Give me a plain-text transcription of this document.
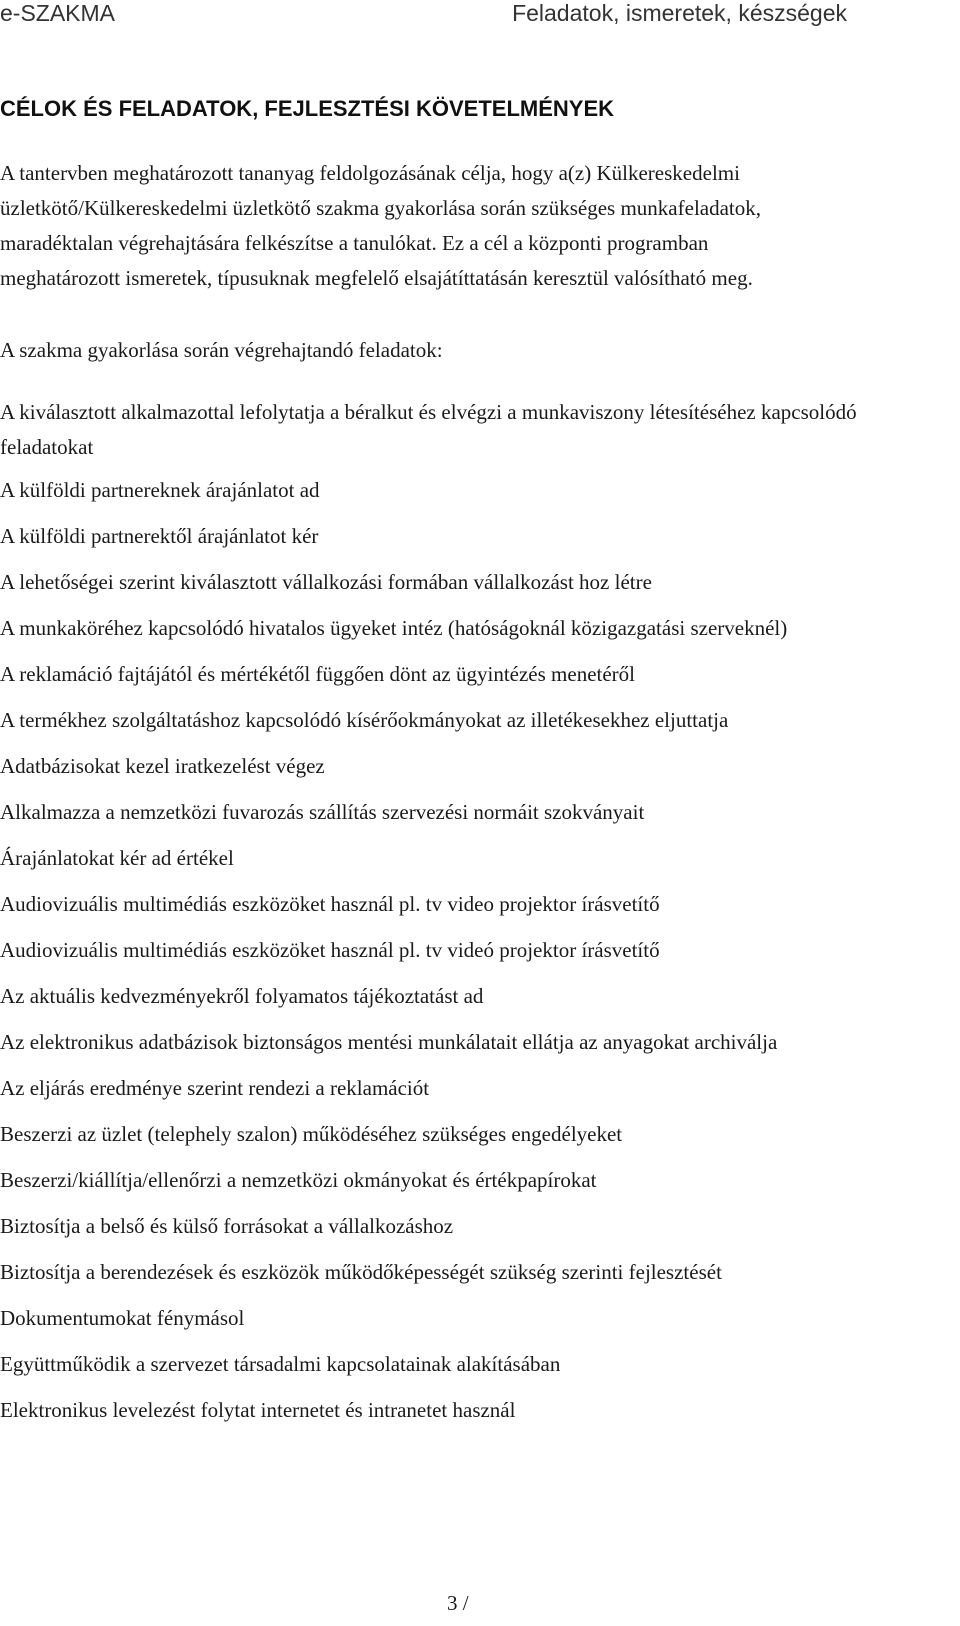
e-SZAKMA	Feladatok, ismeretek, készségek
CÉLOK ÉS FELADATOK, FEJLESZTÉSI KÖVETELMÉNYEK

A tantervben meghatározott tananyag feldolgozásának célja, hogy a(z) Külkereskedelmi
üzletkötő/Külkereskedelmi üzletkötő szakma gyakorlása során szükséges munkafeladatok,
maradéktalan végrehajtására felkészítse a tanulókat. Ez a cél a központi programban
meghatározott ismeretek, típusuknak megfelelő elsajátíttatásán keresztül valósítható meg.

A szakma gyakorlása során végrehajtandó feladatok:

A kiválasztott alkalmazottal lefolytatja a béralkut és elvégzi a munkaviszony létesítéséhez kapcsolódó feladatokat
A külföldi partnereknek árajánlatot ad
A külföldi partnerektől árajánlatot kér
A lehetőségei szerint kiválasztott vállalkozási formában vállalkozást hoz létre
A munkaköréhez kapcsolódó hivatalos ügyeket intéz (hatóságoknál közigazgatási szerveknél)
A reklamáció fajtájától és mértékétől függően dönt az ügyintézés menetéről
A termékhez szolgáltatáshoz kapcsolódó kísérőokmányokat az illetékesekhez eljuttatja
Adatbázisokat kezel iratkezelést végez
Alkalmazza a nemzetközi fuvarozás szállítás szervezési normáit szokványait
Árajánlatokat kér ad értékel
Audiovizuális multimédiás eszközöket használ pl. tv video projektor írásvetítő
Audiovizuális multimédiás eszközöket használ pl. tv videó projektor írásvetítő
Az aktuális kedvezményekről folyamatos tájékoztatást ad
Az elektronikus adatbázisok biztonságos mentési munkálatait ellátja az anyagokat archiválja
Az eljárás eredménye szerint rendezi a reklamációt
Beszerzi az üzlet (telephely szalon) működéséhez szükséges engedélyeket
Beszerzi/kiállítja/ellenőrzi a nemzetközi okmányokat és értékpapírokat
Biztosítja a belső és külső forrásokat a vállalkozáshoz
Biztosítja a berendezések és eszközök működőképességét szükség szerinti fejlesztését
Dokumentumokat fénymásol
Együttműködik a szervezet társadalmi kapcsolatainak alakításában
Elektronikus levelezést folytat internetet és intranetet használ
3 /
